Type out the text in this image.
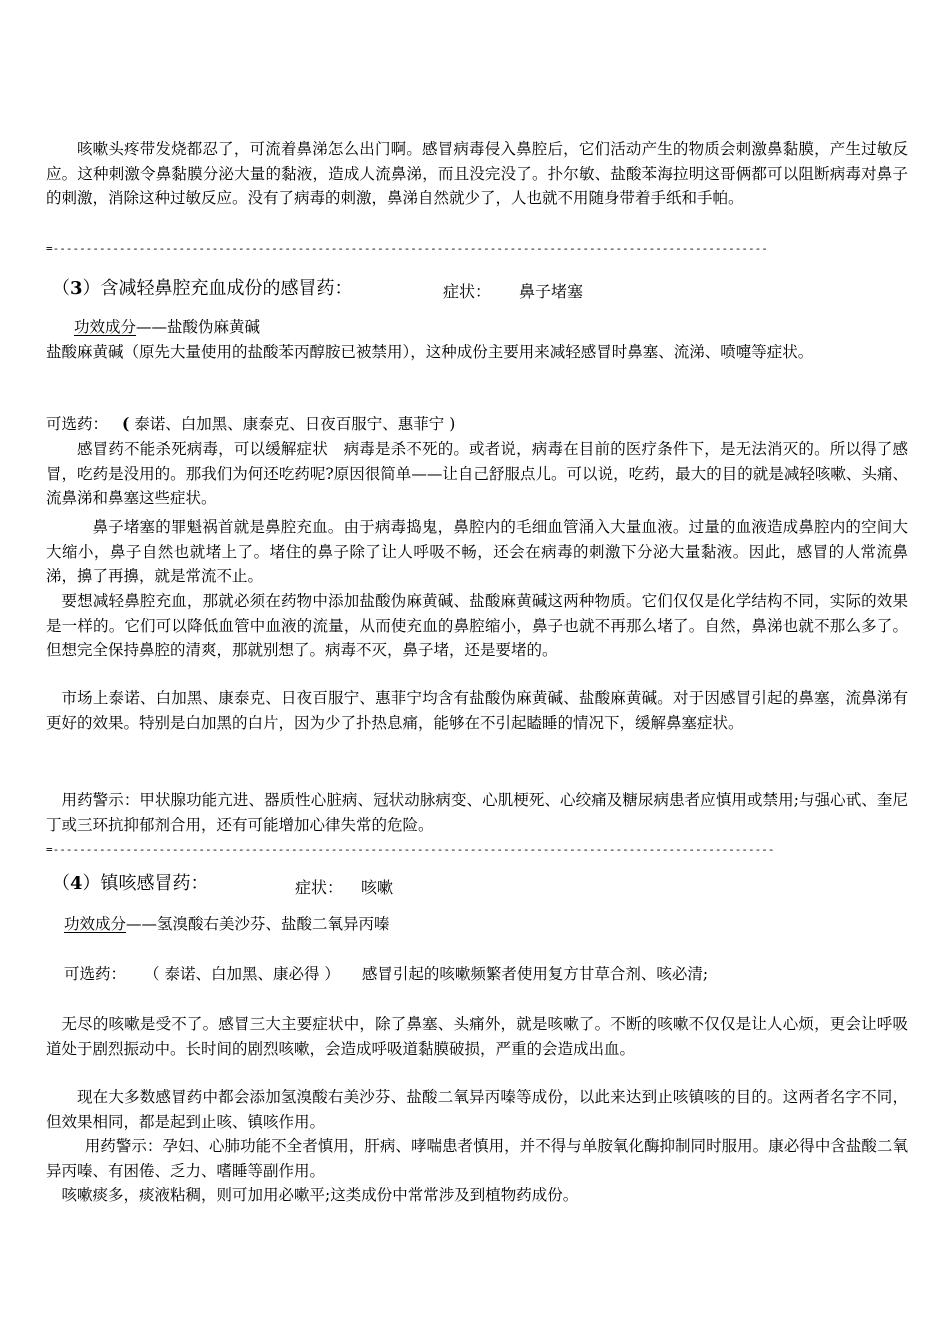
咳嗽头疼带发烧都忍了，可流着鼻涕怎么出门啊。感冒病毒侵入鼻腔后，它们活动产生的物质会刺激鼻黏膜，产生过敏反应。这种刺激令鼻黏膜分泌大量的黏液，造成人流鼻涕，而且没完没了。扑尔敏、盐酸苯海拉明这哥俩都可以阻断病毒对鼻子的刺激，消除这种过敏反应。没有了病毒的刺激，鼻涕自然就少了，人也就不用随身带着手纸和手帕。
=------------------------------------------------------------------------------------------------------------
（3）含减轻鼻腔充血成份的感冒药：	症状： 鼻子堵塞
功效成分——盐酸伪麻黄碱
盐酸麻黄碱（原先大量使用的盐酸苯丙醇胺已被禁用），这种成份主要用来减轻感冒时鼻塞、流涕、喷嚏等症状。
可选药： ( 泰诺、白加黑、康泰克、日夜百服宁、惠菲宁 )
感冒药不能杀死病毒，可以缓解症状　病毒是杀不死的。或者说，病毒在目前的医疗条件下，是无法消灭的。所以得了感冒，吃药是没用的。那我们为何还吃药呢?原因很简单——让自己舒服点儿。可以说，吃药，最大的目的就是减轻咳嗽、头痛、流鼻涕和鼻塞这些症状。
鼻子堵塞的罪魁祸首就是鼻腔充血。由于病毒捣鬼，鼻腔内的毛细血管涌入大量血液。过量的血液造成鼻腔内的空间大大缩小，鼻子自然也就堵上了。堵住的鼻子除了让人呼吸不畅，还会在病毒的刺激下分泌大量黏液。因此，感冒的人常流鼻涕，擤了再擤，就是常流不止。
要想减轻鼻腔充血，那就必须在药物中添加盐酸伪麻黄碱、盐酸麻黄碱这两种物质。它们仅仅是化学结构不同，实际的效果是一样的。它们可以降低血管中血液的流量，从而使充血的鼻腔缩小，鼻子也就不再那么堵了。自然，鼻涕也就不那么多了。但想完全保持鼻腔的清爽，那就别想了。病毒不灭，鼻子堵，还是要堵的。
市场上泰诺、白加黑、康泰克、日夜百服宁、惠菲宁均含有盐酸伪麻黄碱、盐酸麻黄碱。对于因感冒引起的鼻塞，流鼻涕有更好的效果。特别是白加黑的白片，因为少了扑热息痛，能够在不引起瞌睡的情况下，缓解鼻塞症状。
用药警示：甲状腺功能亢进、器质性心脏病、冠状动脉病变、心肌梗死、心绞痛及糖尿病患者应慎用或禁用;与强心甙、奎尼丁或三环抗抑郁剂合用，还有可能增加心律失常的危险。
=-------------------------------------------------------------------------------------------------------------
（4）镇咳感冒药：	症状： 咳嗽
功效成分——氢溴酸右美沙芬、盐酸二氧异丙嗪
可选药： （ 泰诺、白加黑、康必得 ） 感冒引起的咳嗽频繁者使用复方甘草合剂、咳必清;
无尽的咳嗽是受不了。感冒三大主要症状中，除了鼻塞、头痛外，就是咳嗽了。不断的咳嗽不仅仅是让人心烦，更会让呼吸道处于剧烈振动中。长时间的剧烈咳嗽，会造成呼吸道黏膜破损，严重的会造成出血。
现在大多数感冒药中都会添加氢溴酸右美沙芬、盐酸二氧异丙嗪等成份，以此来达到止咳镇咳的目的。这两者名字不同，但效果相同，都是起到止咳、镇咳作用。
用药警示：孕妇、心肺功能不全者慎用，肝病、哮喘患者慎用，并不得与单胺氧化酶抑制同时服用。康必得中含盐酸二氧异丙嗪、有困倦、乏力、嗜睡等副作用。
咳嗽痰多，痰液粘稠，则可加用必嗽平;这类成份中常常涉及到植物药成份。
